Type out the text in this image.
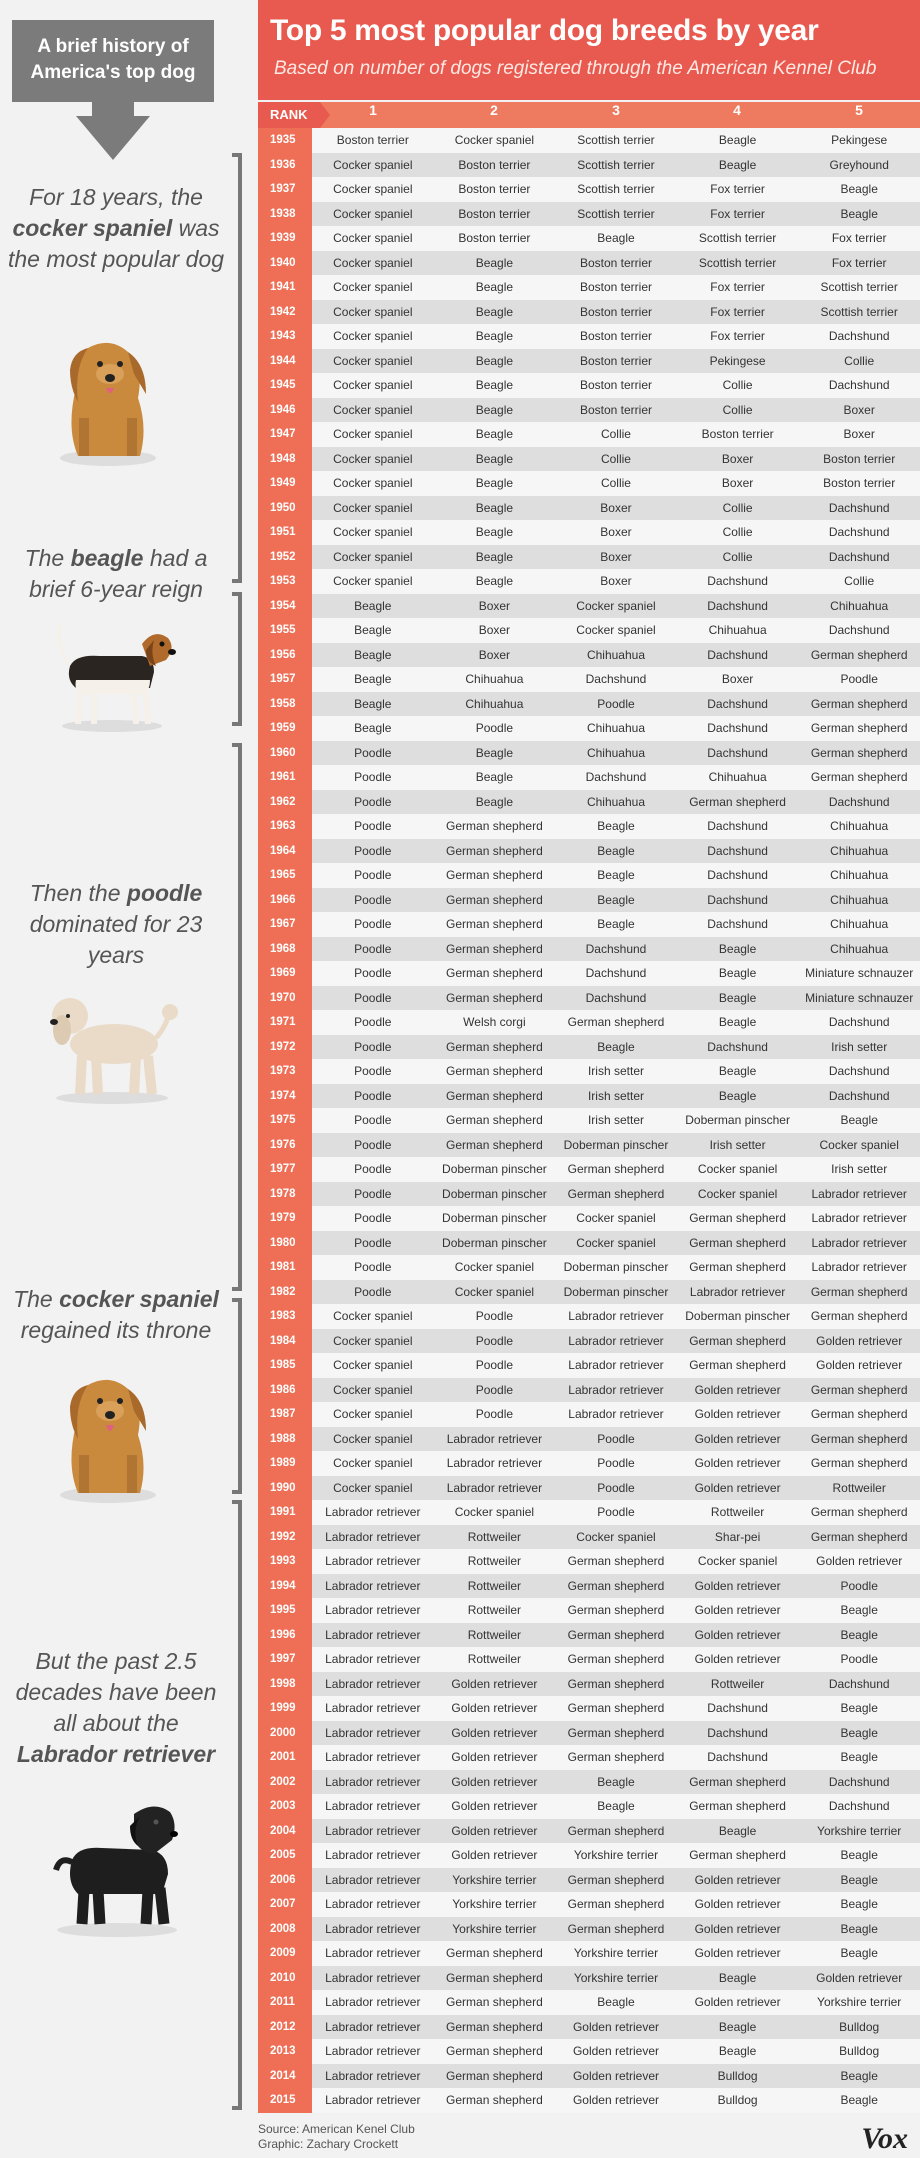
A brief history of America's top dog
For 18 years, the cocker spaniel was the most popular dog
The beagle had a brief 6-year reign
Then the poodle dominated for 23 years
The cocker spaniel regained its throne
But the past 2.5 decades have been all about the Labrador retriever
Top 5 most popular dog breeds by year
Based on number of dogs registered through the American Kennel Club
RANK	1	2	3	4	5
1935	Boston terrier	Cocker spaniel	Scottish terrier	Beagle	Pekingese
1936	Cocker spaniel	Boston terrier	Scottish terrier	Beagle	Greyhound
1937	Cocker spaniel	Boston terrier	Scottish terrier	Fox terrier	Beagle
1938	Cocker spaniel	Boston terrier	Scottish terrier	Fox terrier	Beagle
1939	Cocker spaniel	Boston terrier	Beagle	Scottish terrier	Fox terrier
1940	Cocker spaniel	Beagle	Boston terrier	Scottish terrier	Fox terrier
1941	Cocker spaniel	Beagle	Boston terrier	Fox terrier	Scottish terrier
1942	Cocker spaniel	Beagle	Boston terrier	Fox terrier	Scottish terrier
1943	Cocker spaniel	Beagle	Boston terrier	Fox terrier	Dachshund
1944	Cocker spaniel	Beagle	Boston terrier	Pekingese	Collie
1945	Cocker spaniel	Beagle	Boston terrier	Collie	Dachshund
1946	Cocker spaniel	Beagle	Boston terrier	Collie	Boxer
1947	Cocker spaniel	Beagle	Collie	Boston terrier	Boxer
1948	Cocker spaniel	Beagle	Collie	Boxer	Boston terrier
1949	Cocker spaniel	Beagle	Collie	Boxer	Boston terrier
1950	Cocker spaniel	Beagle	Boxer	Collie	Dachshund
1951	Cocker spaniel	Beagle	Boxer	Collie	Dachshund
1952	Cocker spaniel	Beagle	Boxer	Collie	Dachshund
1953	Cocker spaniel	Beagle	Boxer	Dachshund	Collie
1954	Beagle	Boxer	Cocker spaniel	Dachshund	Chihuahua
1955	Beagle	Boxer	Cocker spaniel	Chihuahua	Dachshund
1956	Beagle	Boxer	Chihuahua	Dachshund	German shepherd
1957	Beagle	Chihuahua	Dachshund	Boxer	Poodle
1958	Beagle	Chihuahua	Poodle	Dachshund	German shepherd
1959	Beagle	Poodle	Chihuahua	Dachshund	German shepherd
1960	Poodle	Beagle	Chihuahua	Dachshund	German shepherd
1961	Poodle	Beagle	Dachshund	Chihuahua	German shepherd
1962	Poodle	Beagle	Chihuahua	German shepherd	Dachshund
1963	Poodle	German shepherd	Beagle	Dachshund	Chihuahua
1964	Poodle	German shepherd	Beagle	Dachshund	Chihuahua
1965	Poodle	German shepherd	Beagle	Dachshund	Chihuahua
1966	Poodle	German shepherd	Beagle	Dachshund	Chihuahua
1967	Poodle	German shepherd	Beagle	Dachshund	Chihuahua
1968	Poodle	German shepherd	Dachshund	Beagle	Chihuahua
1969	Poodle	German shepherd	Dachshund	Beagle	Miniature schnauzer
1970	Poodle	German shepherd	Dachshund	Beagle	Miniature schnauzer
1971	Poodle	Welsh corgi	German shepherd	Beagle	Dachshund
1972	Poodle	German shepherd	Beagle	Dachshund	Irish setter
1973	Poodle	German shepherd	Irish setter	Beagle	Dachshund
1974	Poodle	German shepherd	Irish setter	Beagle	Dachshund
1975	Poodle	German shepherd	Irish setter	Doberman pinscher	Beagle
1976	Poodle	German shepherd	Doberman pinscher	Irish setter	Cocker spaniel
1977	Poodle	Doberman pinscher	German shepherd	Cocker spaniel	Irish setter
1978	Poodle	Doberman pinscher	German shepherd	Cocker spaniel	Labrador retriever
1979	Poodle	Doberman pinscher	Cocker spaniel	German shepherd	Labrador retriever
1980	Poodle	Doberman pinscher	Cocker spaniel	German shepherd	Labrador retriever
1981	Poodle	Cocker spaniel	Doberman pinscher	German shepherd	Labrador retriever
1982	Poodle	Cocker spaniel	Doberman pinscher	Labrador retriever	German shepherd
1983	Cocker spaniel	Poodle	Labrador retriever	Doberman pinscher	German shepherd
1984	Cocker spaniel	Poodle	Labrador retriever	German shepherd	Golden retriever
1985	Cocker spaniel	Poodle	Labrador retriever	German shepherd	Golden retriever
1986	Cocker spaniel	Poodle	Labrador retriever	Golden retriever	German shepherd
1987	Cocker spaniel	Poodle	Labrador retriever	Golden retriever	German shepherd
1988	Cocker spaniel	Labrador retriever	Poodle	Golden retriever	German shepherd
1989	Cocker spaniel	Labrador retriever	Poodle	Golden retriever	German shepherd
1990	Cocker spaniel	Labrador retriever	Poodle	Golden retriever	Rottweiler
1991	Labrador retriever	Cocker spaniel	Poodle	Rottweiler	German shepherd
1992	Labrador retriever	Rottweiler	Cocker spaniel	Shar-pei	German shepherd
1993	Labrador retriever	Rottweiler	German shepherd	Cocker spaniel	Golden retriever
1994	Labrador retriever	Rottweiler	German shepherd	Golden retriever	Poodle
1995	Labrador retriever	Rottweiler	German shepherd	Golden retriever	Beagle
1996	Labrador retriever	Rottweiler	German shepherd	Golden retriever	Beagle
1997	Labrador retriever	Rottweiler	German shepherd	Golden retriever	Poodle
1998	Labrador retriever	Golden retriever	German shepherd	Rottweiler	Dachshund
1999	Labrador retriever	Golden retriever	German shepherd	Dachshund	Beagle
2000	Labrador retriever	Golden retriever	German shepherd	Dachshund	Beagle
2001	Labrador retriever	Golden retriever	German shepherd	Dachshund	Beagle
2002	Labrador retriever	Golden retriever	Beagle	German shepherd	Dachshund
2003	Labrador retriever	Golden retriever	Beagle	German shepherd	Dachshund
2004	Labrador retriever	Golden retriever	German shepherd	Beagle	Yorkshire terrier
2005	Labrador retriever	Golden retriever	Yorkshire terrier	German shepherd	Beagle
2006	Labrador retriever	Yorkshire terrier	German shepherd	Golden retriever	Beagle
2007	Labrador retriever	Yorkshire terrier	German shepherd	Golden retriever	Beagle
2008	Labrador retriever	Yorkshire terrier	German shepherd	Golden retriever	Beagle
2009	Labrador retriever	German shepherd	Yorkshire terrier	Golden retriever	Beagle
2010	Labrador retriever	German shepherd	Yorkshire terrier	Beagle	Golden retriever
2011	Labrador retriever	German shepherd	Beagle	Golden retriever	Yorkshire terrier
2012	Labrador retriever	German shepherd	Golden retriever	Beagle	Bulldog
2013	Labrador retriever	German shepherd	Golden retriever	Beagle	Bulldog
2014	Labrador retriever	German shepherd	Golden retriever	Bulldog	Beagle
2015	Labrador retriever	German shepherd	Golden retriever	Bulldog	Beagle
Source: American Kenel Club
Graphic: Zachary Crockett	Vox
